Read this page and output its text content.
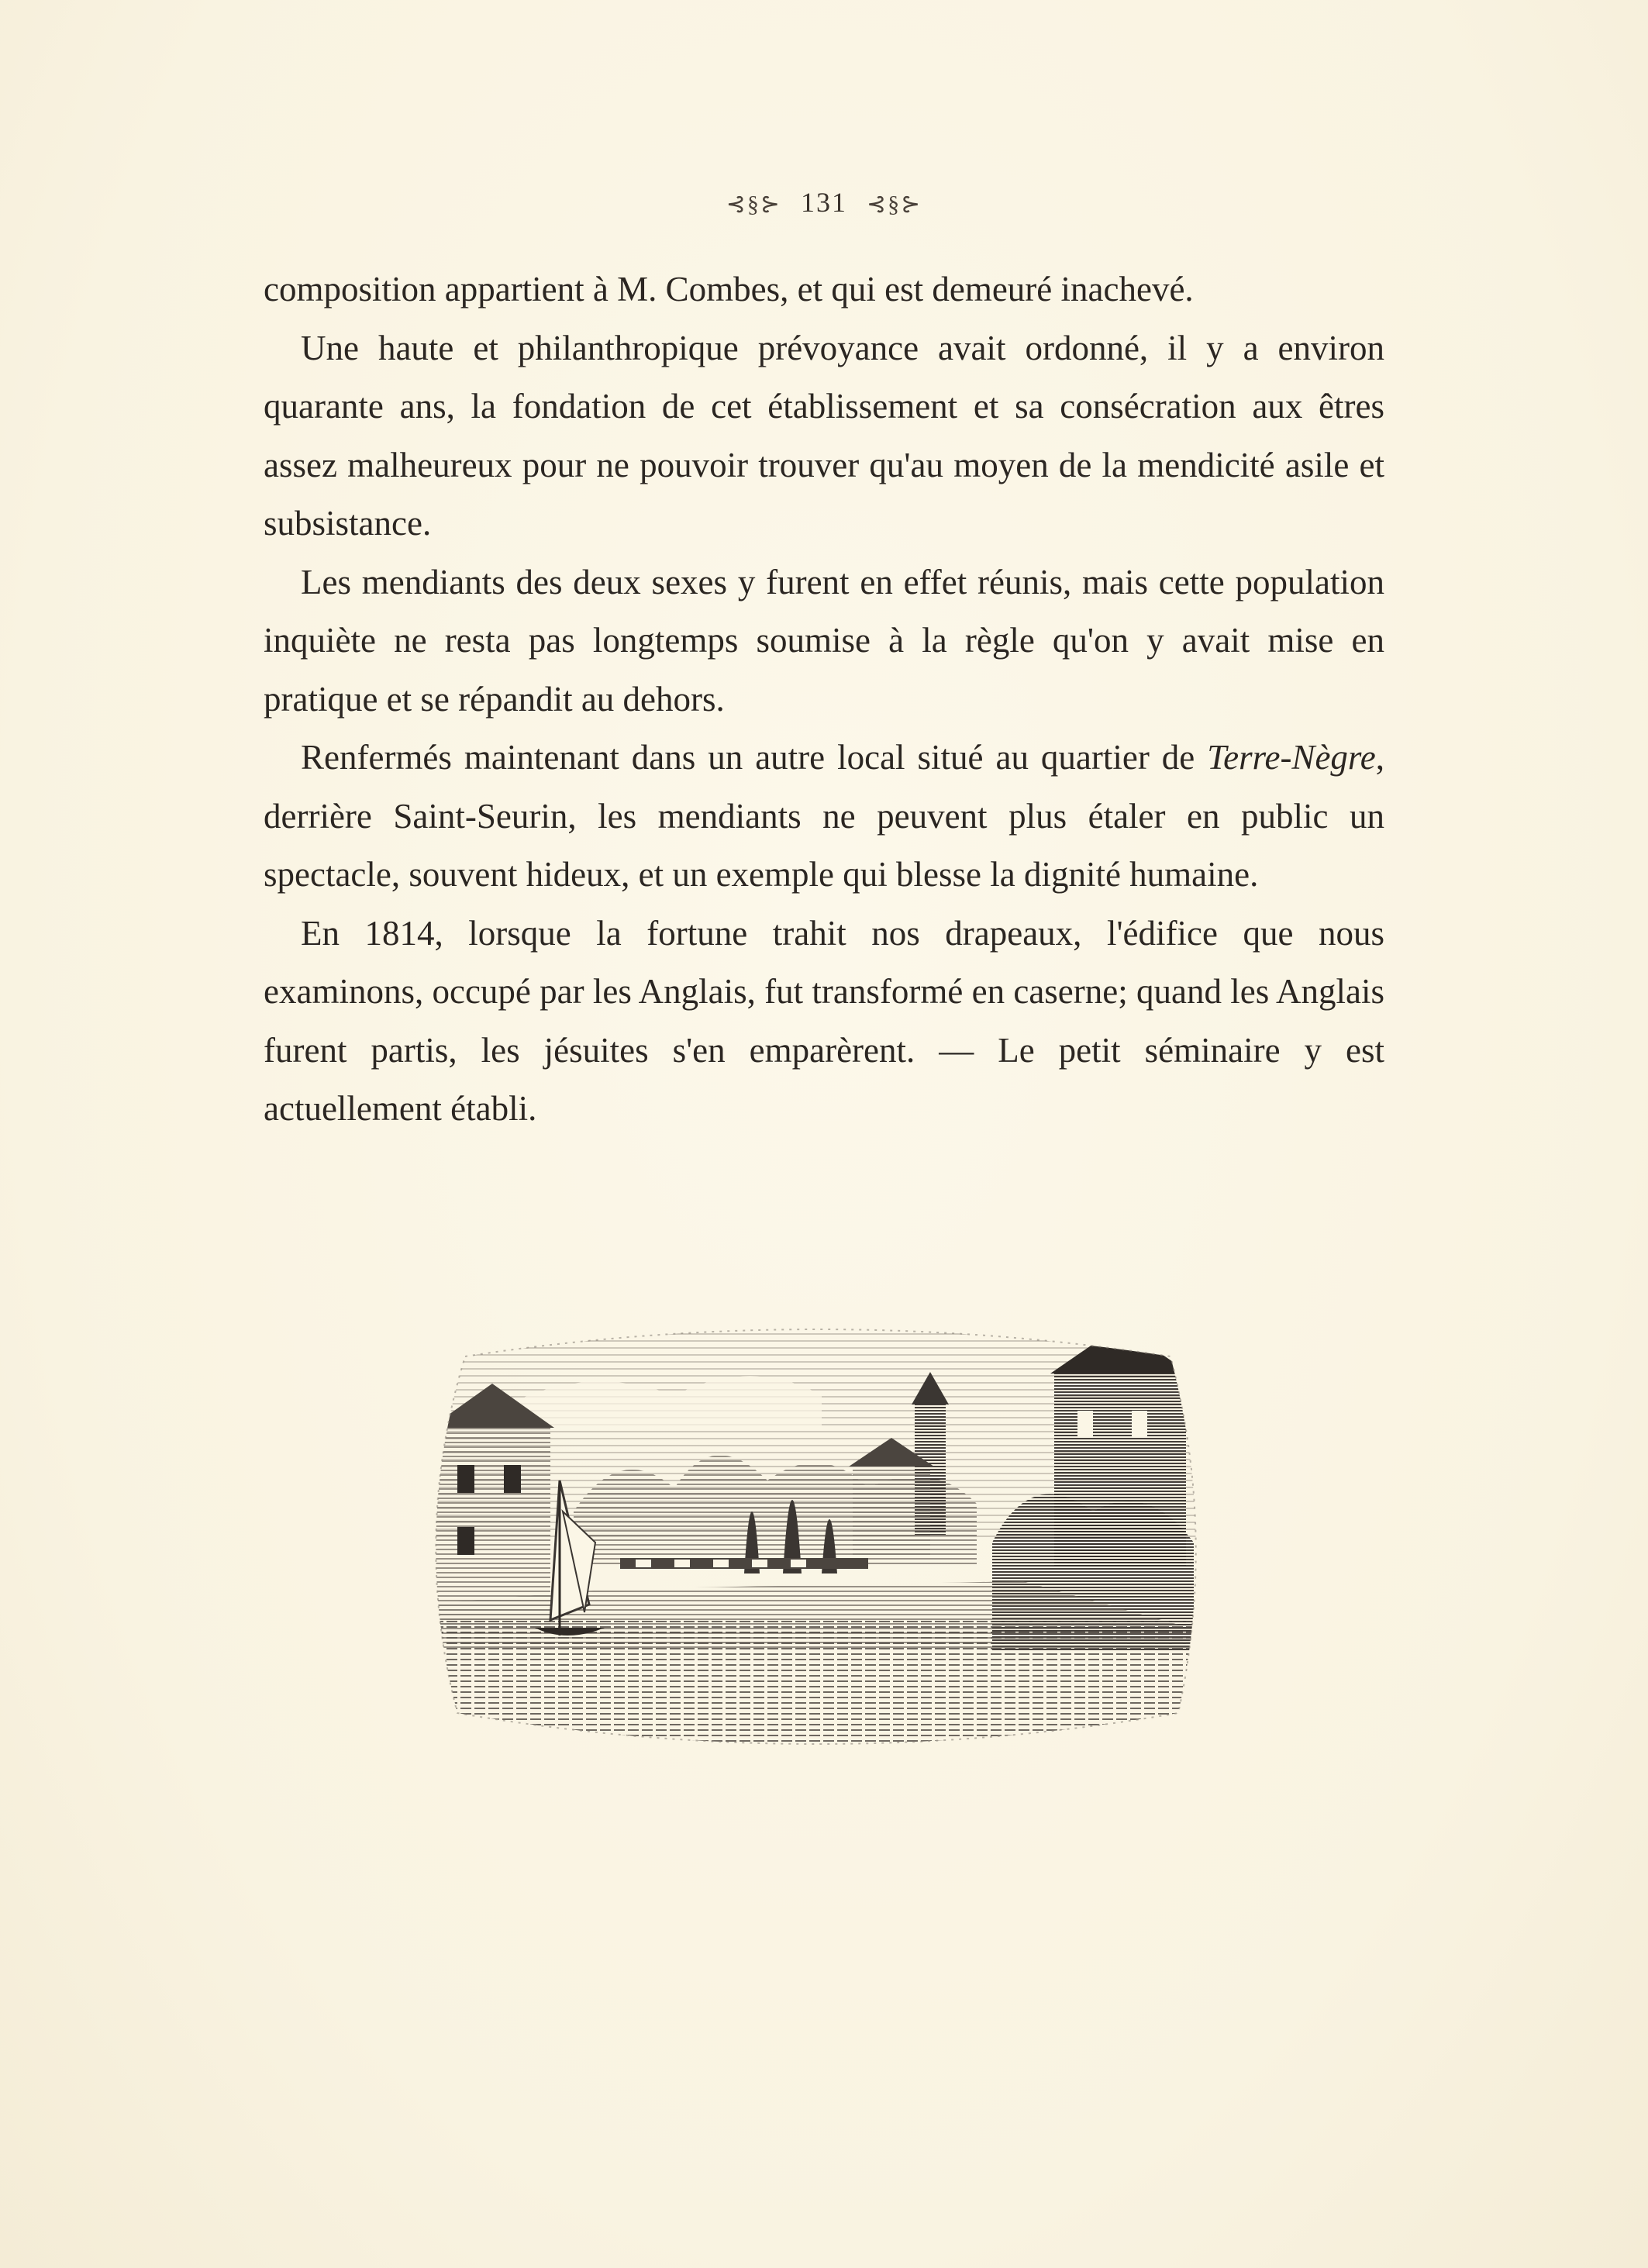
⊰§⊱ 131 ⊰§⊱

composition appartient à M. Combes, et qui est demeuré inachevé.

Une haute et philanthropique prévoyance avait ordonné, il y a environ quarante ans, la fondation de cet établissement et sa consécration aux êtres assez malheureux pour ne pouvoir trouver qu'au moyen de la mendicité asile et subsistance.

Les mendiants des deux sexes y furent en effet réunis, mais cette population inquiète ne resta pas longtemps soumise à la règle qu'on y avait mise en pratique et se répandit au dehors.

Renfermés maintenant dans un autre local situé au quartier de Terre-Nègre, derrière Saint-Seurin, les mendiants ne peuvent plus étaler en public un spectacle, souvent hideux, et un exemple qui blesse la dignité humaine.

En 1814, lorsque la fortune trahit nos drapeaux, l'édifice que nous examinons, occupé par les Anglais, fut transformé en caserne; quand les Anglais furent partis, les jésuites s'en emparèrent. — Le petit séminaire y est actuellement établi.
